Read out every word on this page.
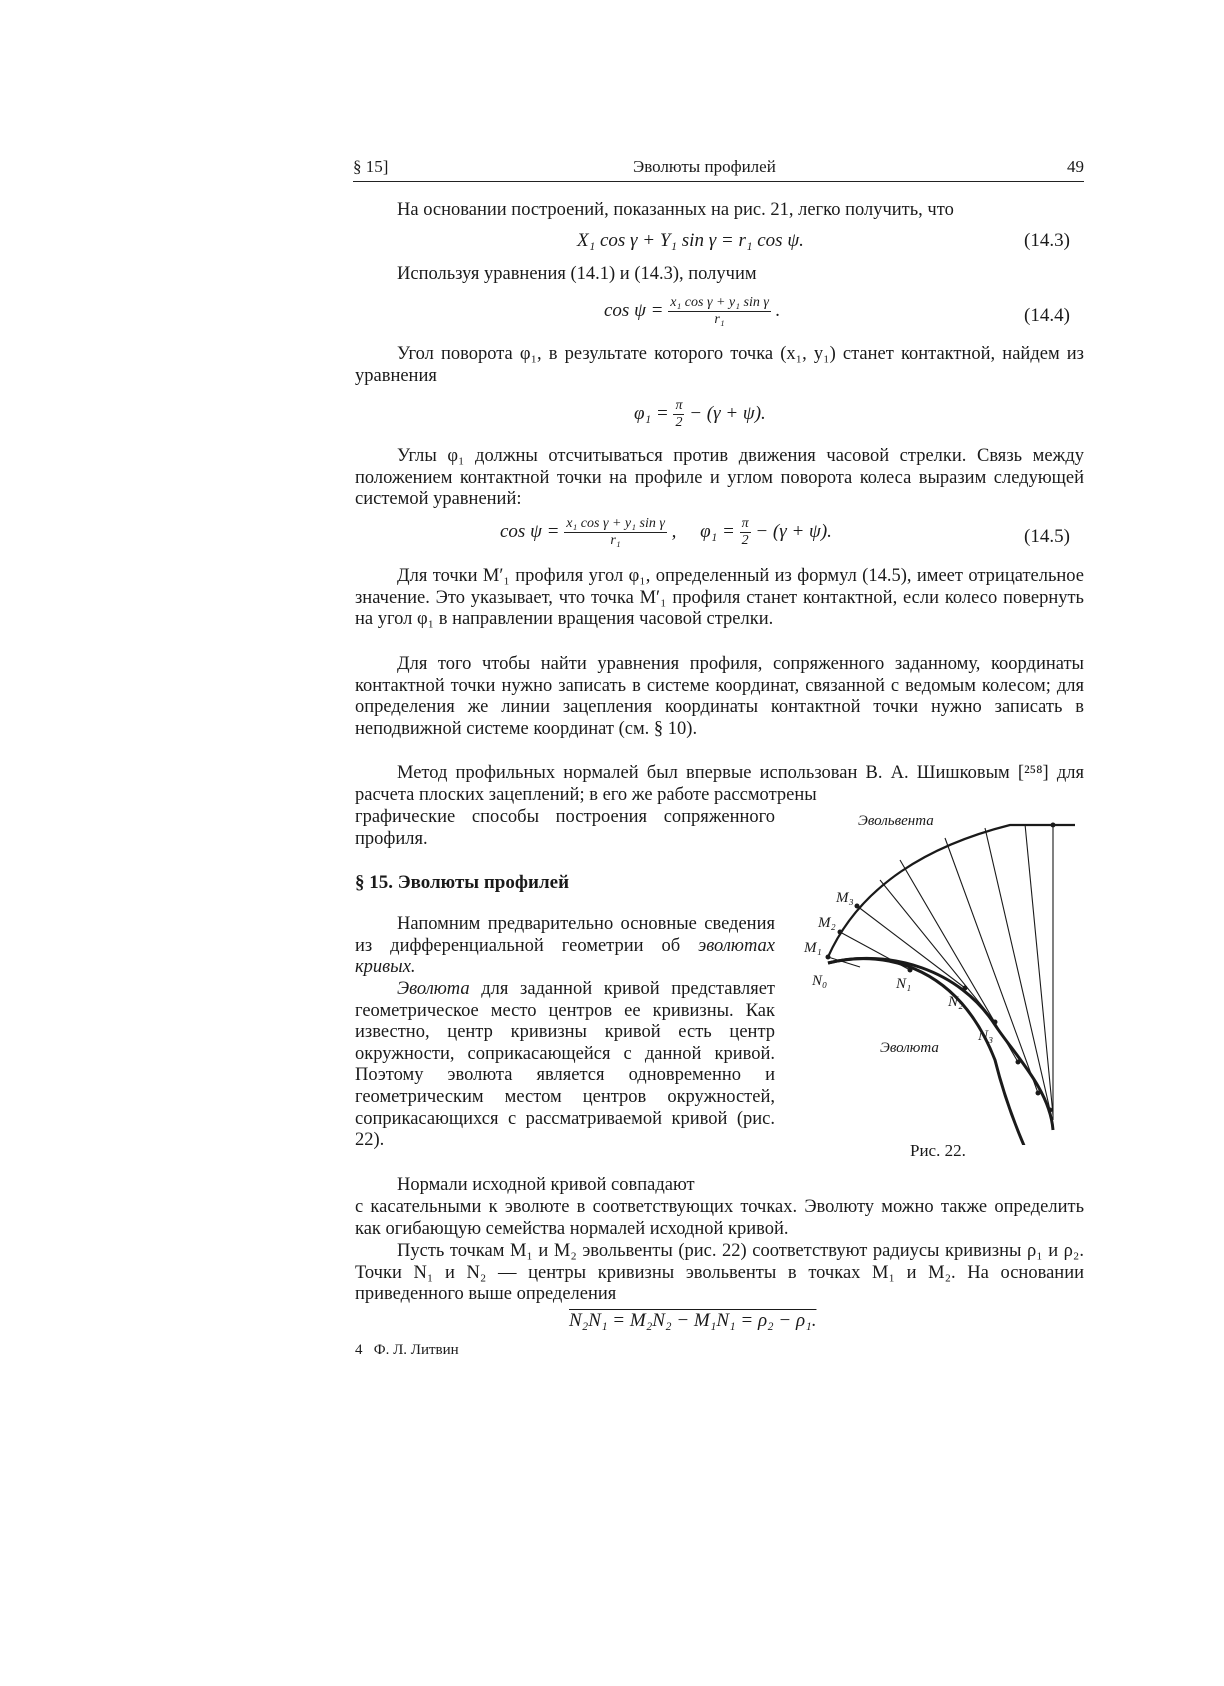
§ 15]	Эволюты профилей	49

На основании построений, показанных на рис. 21, легко получить, что

X₁ cos γ + Y₁ sin γ = r₁ cos ψ.	(14.3)

Используя уравнения (14.1) и (14.3), получим

$\cos \psi = \frac{\text{x₁ cos γ + y₁ sin γ}}{\text{r₁}}$ .	(14.4)

Угол поворота φ₁, в результате которого точка (x₁, y₁) станет контактной, найдем из уравнения

$\varphi_1 = \frac{\pi}{2} - (\gamma + \psi)$.

Углы φ₁ должны отсчитываться против движения часовой стрелки. Связь между положением контактной точки на профиле и углом поворота колеса выразим следующей системой уравнений:

$\cos \psi = \frac{\text{x₁ cos γ + y₁ sin γ}}{\text{r₁}}$ ,     $\varphi_1 = \frac{\pi}{2} - (\gamma + \psi)$.	(14.5)

Для точки M′₁ профиля угол φ₁, определенный из формул (14.5), имеет отрицательное значение. Это указывает, что точка M′₁ профиля станет контактной, если колесо повернуть на угол φ₁ в направлении вращения часовой стрелки.

Для того чтобы найти уравнения профиля, сопряженного заданному, координаты контактной точки нужно записать в системе координат, связанной с ведомым колесом; для определения же линии зацепления координаты контактной точки нужно записать в неподвижной системе координат (см. § 10).

Метод профильных нормалей был впервые использован В. А. Шишковым [²⁵⁸] для расчета плоских зацеплений; в его же работе рассмотрены

графические способы построения сопряженного профиля.

§ 15. Эволюты профилей

Напомним предварительно основные сведения из дифференциальной геометрии об эволютах кривых.

Эволюта для заданной кривой представляет геометрическое место центров ее кривизны. Как известно, центр кривизны кривой есть центр окружности, соприкасающейся с данной кривой. Поэтому эволюта является одновременно и геометрическим местом центров окружностей, соприкасающихся с рассматриваемой кривой (рис. 22).

Нормали исходной кривой совпадают

с касательными к эволюте в соответствующих точках. Эволюту можно также определить как огибающую семейства нормалей исходной кривой.

Пусть точкам M₁ и M₂ эвольвенты (рис. 22) соответствуют радиусы кривизны ρ₁ и ρ₂. Точки N₁ и N₂ — центры кривизны эвольвенты в точках M₁ и M₂. На основании приведенного выше определения

N₂N₁ = M₂N₂ − M₁N₁ = ρ₂ − ρ₁.
Эвольвента
Эволюта
M₃
M₂
M₁
N₀	N₁
N₂
N₃
Рис. 22.
4   Ф. Л. Литвин
